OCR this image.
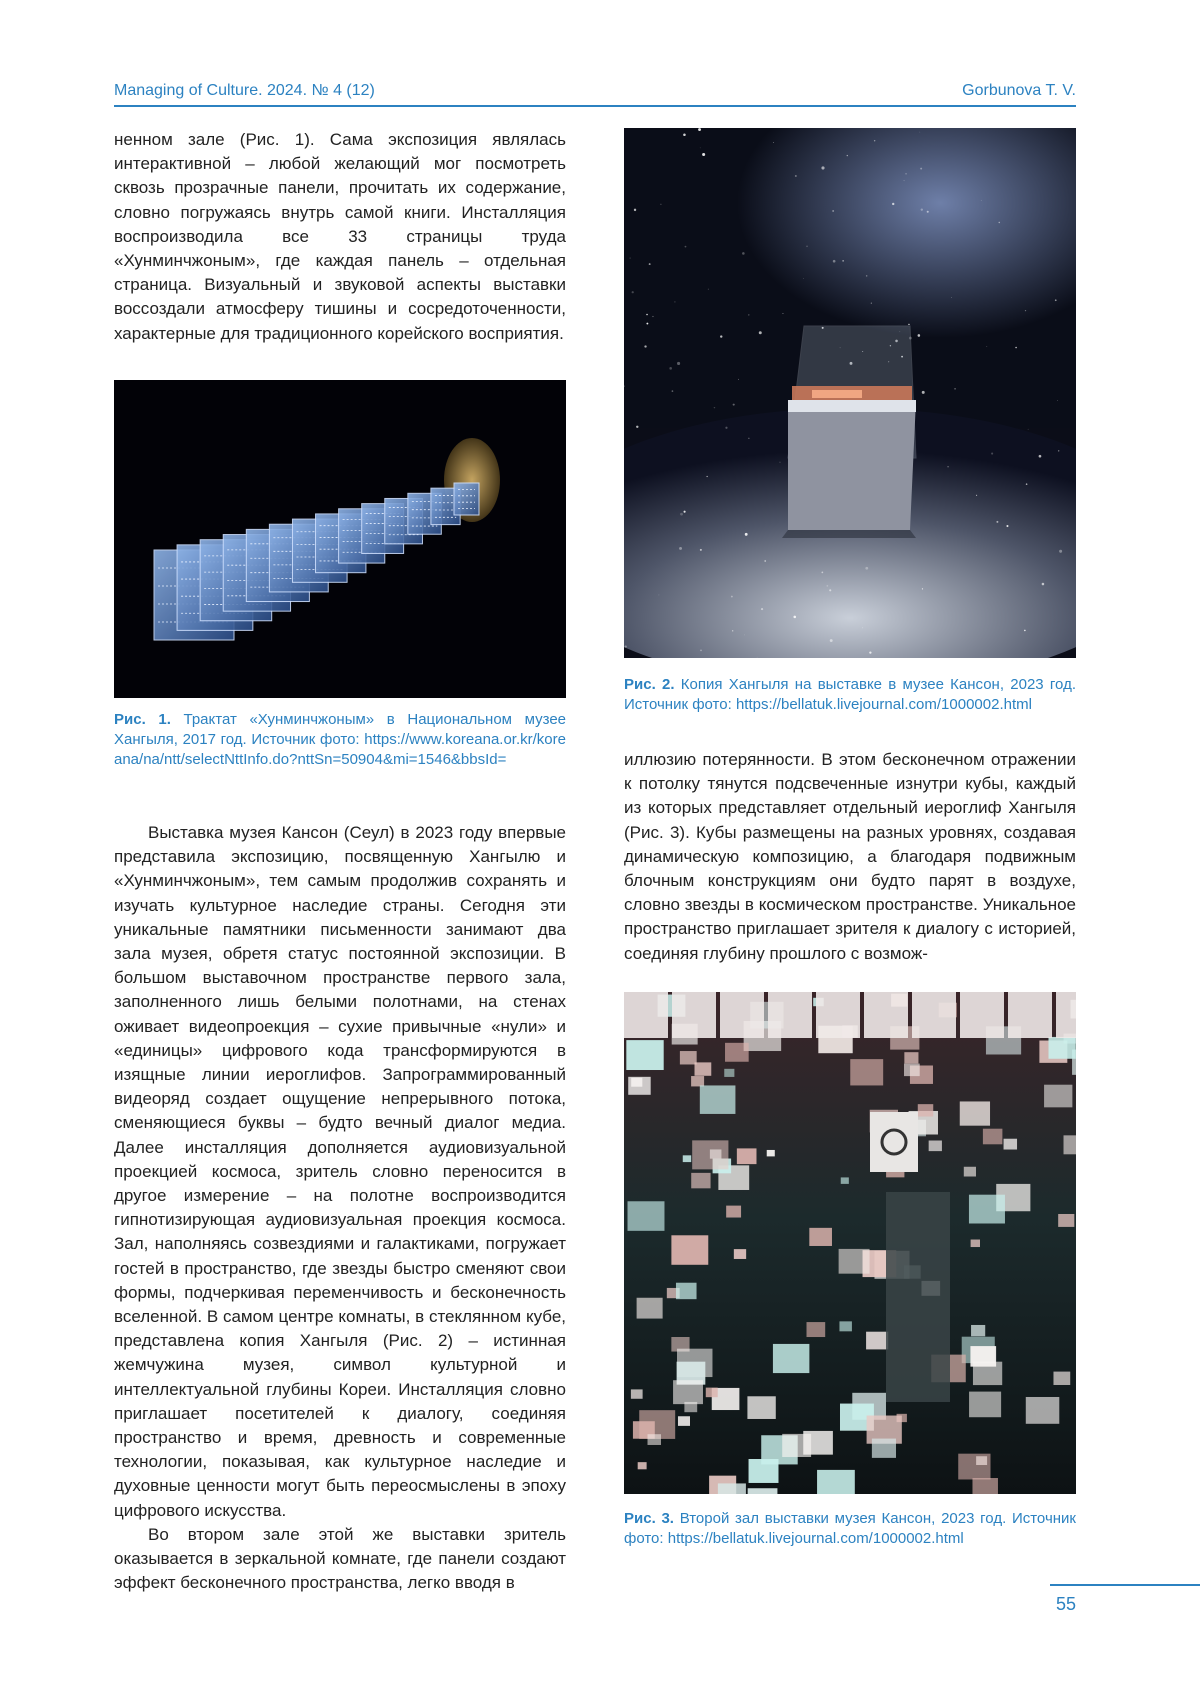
Managing of Culture. 2024. № 4 (12)	Gorbunova T. V.

ненном зале (Рис. 1). Сама экспозиция являлась интерактивной – любой желающий мог посмотреть сквозь прозрачные панели, прочитать их содержание, словно погружаясь внутрь самой книги. Инсталляция воспроизводила все 33 страницы труда «Хунминчжоным», где каждая панель – отдельная страница. Визуальный и звуковой аспекты выставки воссоздали атмосферу тишины и сосредоточенности, характерные для традиционного корейского восприятия.

Рис. 1. Трактат «Хунминчжоным» в Национальном музее Хангыля, 2017 год. Источник фото: https://www.koreana.or.kr/koreana/na/ntt/selectNttInfo.do?nttSn=50904&mi=1546&bbsId=

Выставка музея Кансон (Сеул) в 2023 году впервые представила экспозицию, посвященную Хангылю и «Хунминчжоным», тем самым продолжив сохранять и изучать культурное наследие страны. Сегодня эти уникальные памятники письменности занимают два зала музея, обретя статус постоянной экспозиции. В большом выставочном пространстве первого зала, заполненного лишь белыми полотнами, на стенах оживает видеопроекция – сухие привычные «нули» и «единицы» цифрового кода трансформируются в изящные линии иероглифов. Запрограммированный видеоряд создает ощущение непрерывного потока, сменяющиеся буквы – будто вечный диалог медиа. Далее инсталляция дополняется аудиовизуальной проекцией космоса, зритель словно переносится в другое измерение – на полотне воспроизводится гипнотизирующая аудиовизуальная проекция космоса. Зал, наполняясь созвездиями и галактиками, погружает гостей в пространство, где звезды быстро сменяют свои формы, подчеркивая переменчивость и бесконечность вселенной. В самом центре комнаты, в стеклянном кубе, представлена копия Хангыля (Рис. 2) – истинная жемчужина музея, символ культурной и интеллектуальной глубины Кореи. Инсталляция словно приглашает посетителей к диалогу, соединяя пространство и время, древность и современные технологии, показывая, как культурное наследие и духовные ценности могут быть переосмыслены в эпоху цифрового искусства.

Во втором зале этой же выставки зритель оказывается в зеркальной комнате, где панели создают эффект бесконечного пространства, легко вводя в

Рис. 2. Копия Хангыля на выставке в музее Кансон, 2023 год. Источник фото: https://bellatuk.livejournal.com/1000002.html

иллюзию потерянности. В этом бесконечном отражении к потолку тянутся подсвеченные изнутри кубы, каждый из которых представляет отдельный иероглиф Хангыля (Рис. 3). Кубы размещены на разных уровнях, создавая динамическую композицию, а благодаря подвижным блочным конструкциям они будто парят в воздухе, словно звезды в космическом пространстве. Уникальное пространство приглашает зрителя к диалогу с историей, соединяя глубину прошлого с возмож-

Рис. 3. Второй зал выставки музея Кансон, 2023 год. Источник фото: https://bellatuk.livejournal.com/1000002.html
55
